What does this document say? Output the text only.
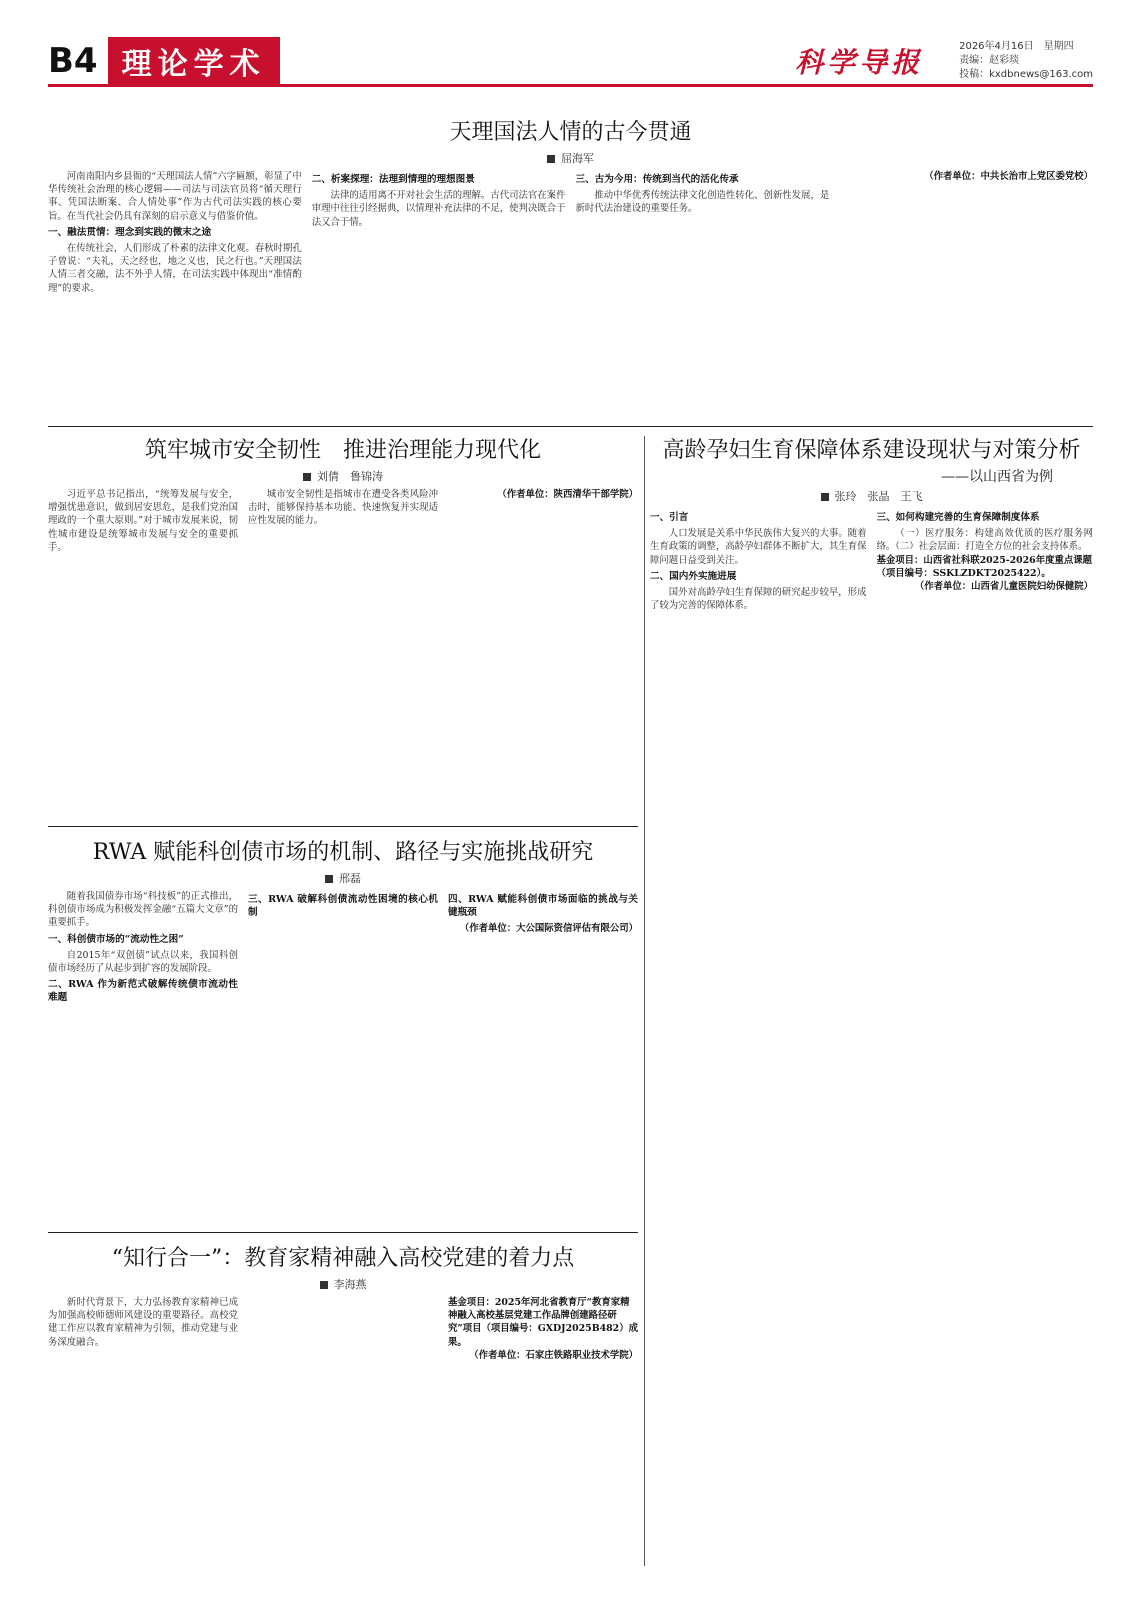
B4 理论学术	科学导报	2026年4月16日　星期四
责编：赵彩琰
投稿：kxdbnews@163.com
天理国法人情的古今贯通
屈海军

河南南阳内乡县衙的“天理国法人情”六字匾额，彰显了中华传统社会治理的核心逻辑——司法与司法官员将“循天理行事、凭国法断案、合人情处事”作为古代司法实践的核心要旨。在当代社会仍具有深刻的启示意义与借鉴价值。

一、融法贯情：理念到实践的微末之途

在传统社会，人们形成了朴素的法律文化观。春秋时期孔子曾说：“夫礼，天之经也，地之义也，民之行也。”天理国法人情三者交融，法不外乎人情，在司法实践中体现出“准情酌理”的要求。

二、析案探理：法理到情理的理想图景

法律的适用离不开对社会生活的理解。古代司法官在案件审理中往往引经据典，以情理补充法律的不足，使判决既合于法又合于情。

三、古为今用：传统到当代的活化传承

推动中华优秀传统法律文化创造性转化、创新性发展，是新时代法治建设的重要任务。

（作者单位：中共长治市上党区委党校）

筑牢城市安全韧性　推进治理能力现代化
刘倩　鲁锦涛

习近平总书记指出，“统筹发展与安全，增强忧患意识，做到居安思危，是我们党治国理政的一个重大原则。”对于城市发展来说，韧性城市建设是统筹城市发展与安全的重要抓手。

城市安全韧性是指城市在遭受各类风险冲击时，能够保持基本功能、快速恢复并实现适应性发展的能力。

（作者单位：陕西清华干部学院）

高龄孕妇生育保障体系建设现状与对策分析

——以山西省为例

张玲　张晶　王飞
一、引言

人口发展是关系中华民族伟大复兴的大事。随着生育政策的调整，高龄孕妇群体不断扩大，其生育保障问题日益受到关注。

二、国内外实施进展

国外对高龄孕妇生育保障的研究起步较早，形成了较为完善的保障体系。

三、如何构建完善的生育保障制度体系

（一）医疗服务：构建高效优质的医疗服务网络。（二）社会层面：打造全方位的社会支持体系。

基金项目：山西省社科联2025-2026年度重点课题（项目编号：SSKLZDKT2025422）。

（作者单位：山西省儿童医院妇幼保健院）

RWA 赋能科创债市场的机制、路径与实施挑战研究
邢磊

随着我国债券市场“科技板”的正式推出，科创债市场成为积极发挥金融“五篇大文章”的重要抓手。

一、科创债市场的“流动性之困”

自2015年“双创债”试点以来，我国科创债市场经历了从起步到扩容的发展阶段。

二、RWA 作为新范式破解传统债市流动性难题
三、RWA 破解科创债流动性困境的核心机制
四、RWA 赋能科创债市场面临的挑战与关键瓶颈

（作者单位：大公国际资信评估有限公司）

“知行合一”：教育家精神融入高校党建的着力点
李海燕

新时代背景下，大力弘扬教育家精神已成为加强高校师德师风建设的重要路径。高校党建工作应以教育家精神为引领，推动党建与业务深度融合。

基金项目：2025年河北省教育厅“教育家精神融入高校基层党建工作品牌创建路径研究”项目（项目编号：GXDJ2025B482）成果。

（作者单位：石家庄铁路职业技术学院）
